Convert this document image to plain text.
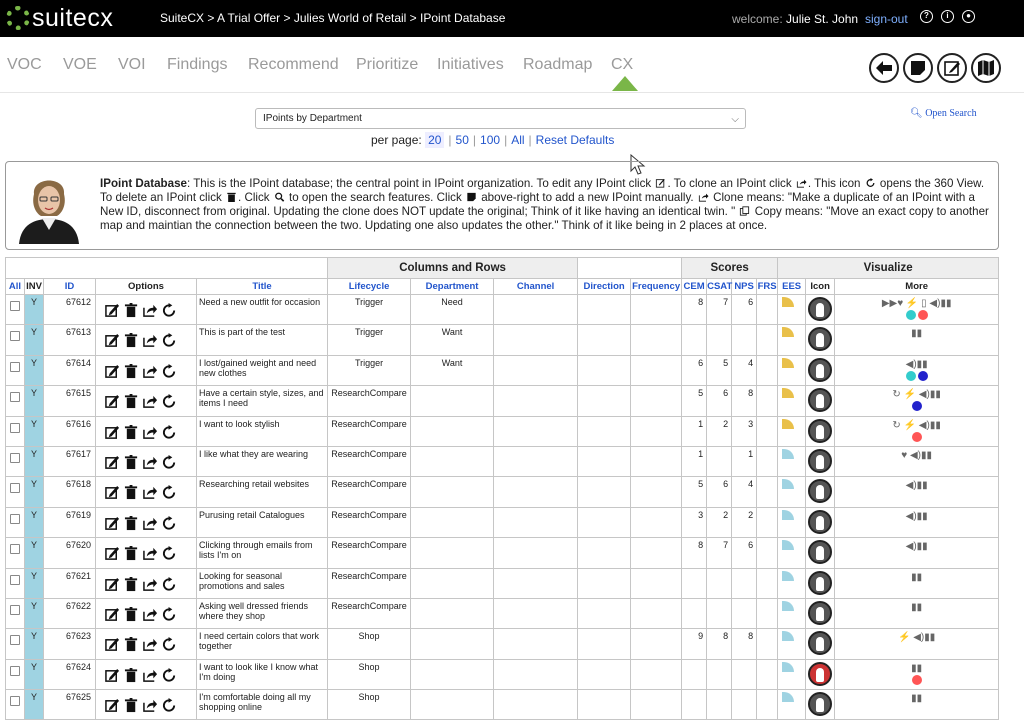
suitecx	SuiteCX > A Trial Offer > Julies World of Retail > IPoint Database	welcome: Julie St. John sign-out	?	i	●
VOC VOE VOI Findings Recommend Prioritize Initiatives Roadmap CX
IPoints by Department	⌵
🔍︎ Open Search
per page: 20 | 50 | 100 | All | Reset Defaults
IPoint Database: This is the IPoint database; the central point in IPoint organization. To edit any IPoint click . To clone an IPoint click . This icon  opens the 360 View. To delete an IPoint click . Click  to open the search features. Click  above-right to add a new IPoint manually.  Clone means: "Make a duplicate of an IPoint with a New ID, disconnect from original. Updating the clone does NOT update the original; Think of it like having an identical twin. "  Copy means: "Move an exact copy to another map and maintian the connection between the two. Updating one also updates the other." Think of it like being in 2 places at once.
					Columns and Rows					Scores				Visualize		
All	INV	ID	Options	Title	Lifecycle	Department	Channel	Direction	Frequency	CEM	CSAT	NPS	FRS	EES	Icon	More
	Y	67612		Need a new outfit for occasion	Trigger	Need				8	7	6				▶▶♥ ⚡ ▯ ◀)▮▮

	Y	67613		This is part of the test	Trigger	Want										▮▮

	Y	67614		I lost/gained weight and need new clothes	Trigger	Want				6	5	4				◀)▮▮

	Y	67615		Have a certain style, sizes, and items I need	ResearchCompare					5	6	8				↻ ⚡ ◀)▮▮

	Y	67616		I want to look stylish	ResearchCompare					1	2	3				↻ ⚡ ◀)▮▮

	Y	67617		I like what they are wearing	ResearchCompare					1		1				♥ ◀)▮▮

	Y	67618		Researching retail websites	ResearchCompare					5	6	4				◀)▮▮

	Y	67619		Purusing retail Catalogues	ResearchCompare					3	2	2				◀)▮▮

	Y	67620		Clicking through emails from lists I'm on	ResearchCompare					8	7	6				◀)▮▮

	Y	67621		Looking for seasonal promotions and sales	ResearchCompare											▮▮

	Y	67622		Asking well dressed friends where they shop	ResearchCompare											▮▮

	Y	67623		I need certain colors that work together	Shop					9	8	8				⚡ ◀)▮▮

	Y	67624		I want to look like I know what I'm doing	Shop											▮▮

	Y	67625		I'm comfortable doing all my shopping online	Shop											▮▮
